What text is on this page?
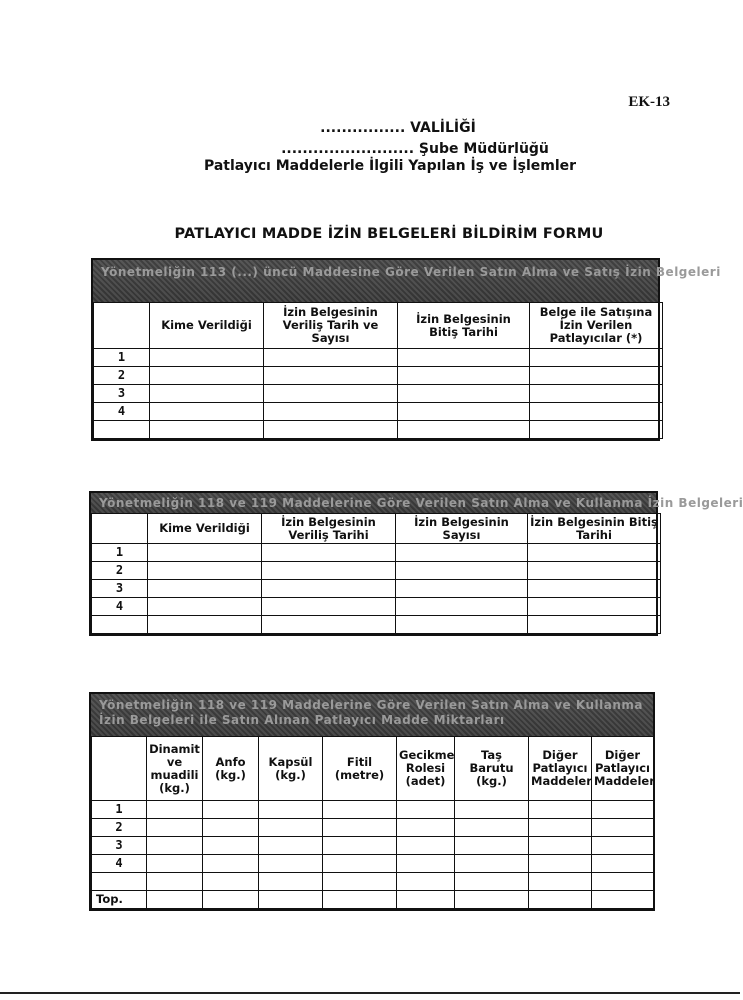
EK-13
................ VALİLİĞİ
......................... Şube Müdürlüğü
Patlayıcı Maddelerle İlgili Yapılan İş ve İşlemler
PATLAYICI MADDE İZİN BELGELERİ BİLDİRİM FORMU
Yönetmeliğin 113 (...) üncü Maddesine Göre Verilen Satın Alma ve Satış İzin Belgeleri
	Kime Verildiği	İzin Belgesinin Veriliş Tarih ve Sayısı	İzin Belgesinin Bitiş Tarihi	Belge ile Satışına İzin Verilen Patlayıcılar (*)
1				
2				
3				
4				

Yönetmeliğin 118 ve 119 Maddelerine Göre Verilen Satın Alma ve Kullanma İzin Belgeleri
	Kime Verildiği	İzin Belgesinin Veriliş Tarihi	İzin Belgesinin Sayısı	İzin Belgesinin Bitiş Tarihi
1				
2				
3				
4				

Yönetmeliğin 118 ve 119 Maddelerine Göre Verilen Satın Alma ve Kullanma İzin Belgeleri ile Satın Alınan Patlayıcı Madde Miktarları
	Dinamit ve muadili (kg.)	Anfo (kg.)	Kapsül (kg.)	Fitil (metre)	Gecikme Rolesi (adet)	Taş Barutu (kg.)	Diğer Patlayıcı Maddeler	Diğer Patlayıcı Maddeler
1								
2								
3								
4								

Top.								
